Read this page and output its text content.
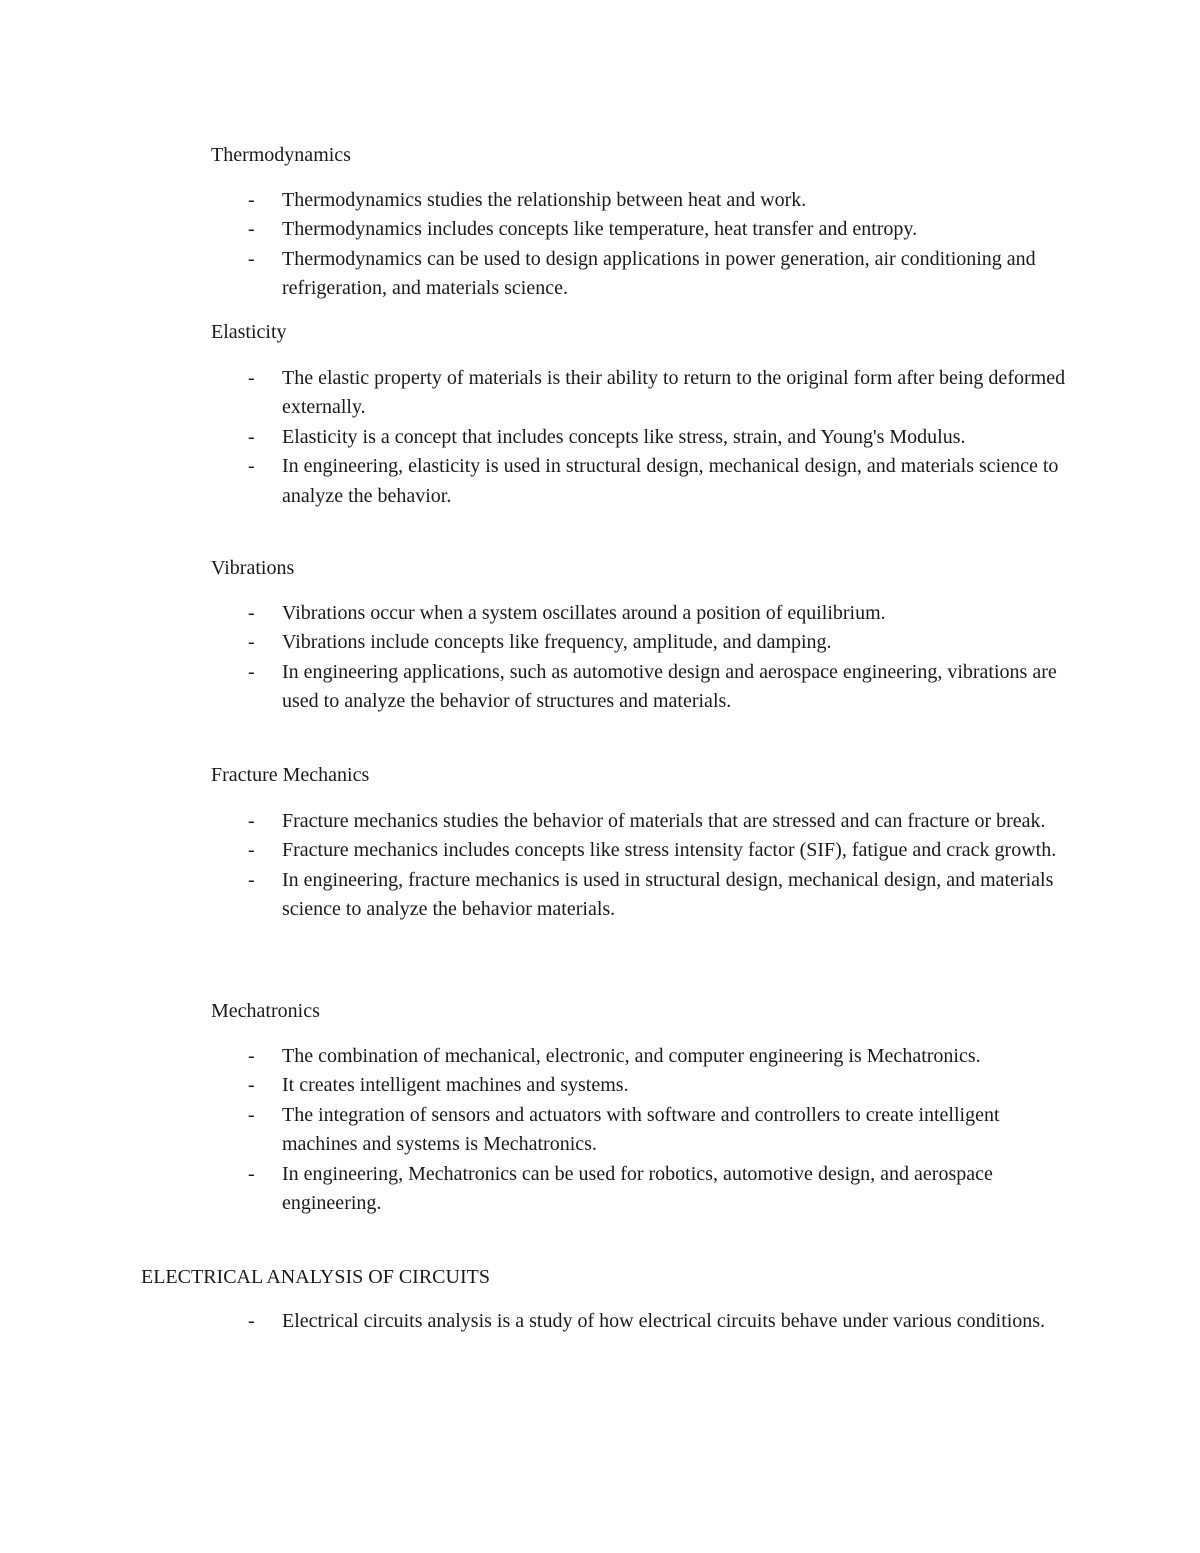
Thermodynamics
- Thermodynamics studies the relationship between heat and work.
- Thermodynamics includes concepts like temperature, heat transfer and entropy.
- Thermodynamics can be used to design applications in power generation, air conditioning and refrigeration, and materials science.
Elasticity
- The elastic property of materials is their ability to return to the original form after being deformed externally.
- Elasticity is a concept that includes concepts like stress, strain, and Young's Modulus.
- In engineering, elasticity is used in structural design, mechanical design, and materials science to analyze the behavior.
Vibrations
- Vibrations occur when a system oscillates around a position of equilibrium.
- Vibrations include concepts like frequency, amplitude, and damping.
- In engineering applications, such as automotive design and aerospace engineering, vibrations are used to analyze the behavior of structures and materials.
Fracture Mechanics
- Fracture mechanics studies the behavior of materials that are stressed and can fracture or break.
- Fracture mechanics includes concepts like stress intensity factor (SIF), fatigue and crack growth.
- In engineering, fracture mechanics is used in structural design, mechanical design, and materials science to analyze the behavior materials.
Mechatronics
- The combination of mechanical, electronic, and computer engineering is Mechatronics.
- It creates intelligent machines and systems.
- The integration of sensors and actuators with software and controllers to create intelligent machines and systems is Mechatronics.
- In engineering, Mechatronics can be used for robotics, automotive design, and aerospace engineering.
ELECTRICAL ANALYSIS OF CIRCUITS
- Electrical circuits analysis is a study of how electrical circuits behave under various conditions.
